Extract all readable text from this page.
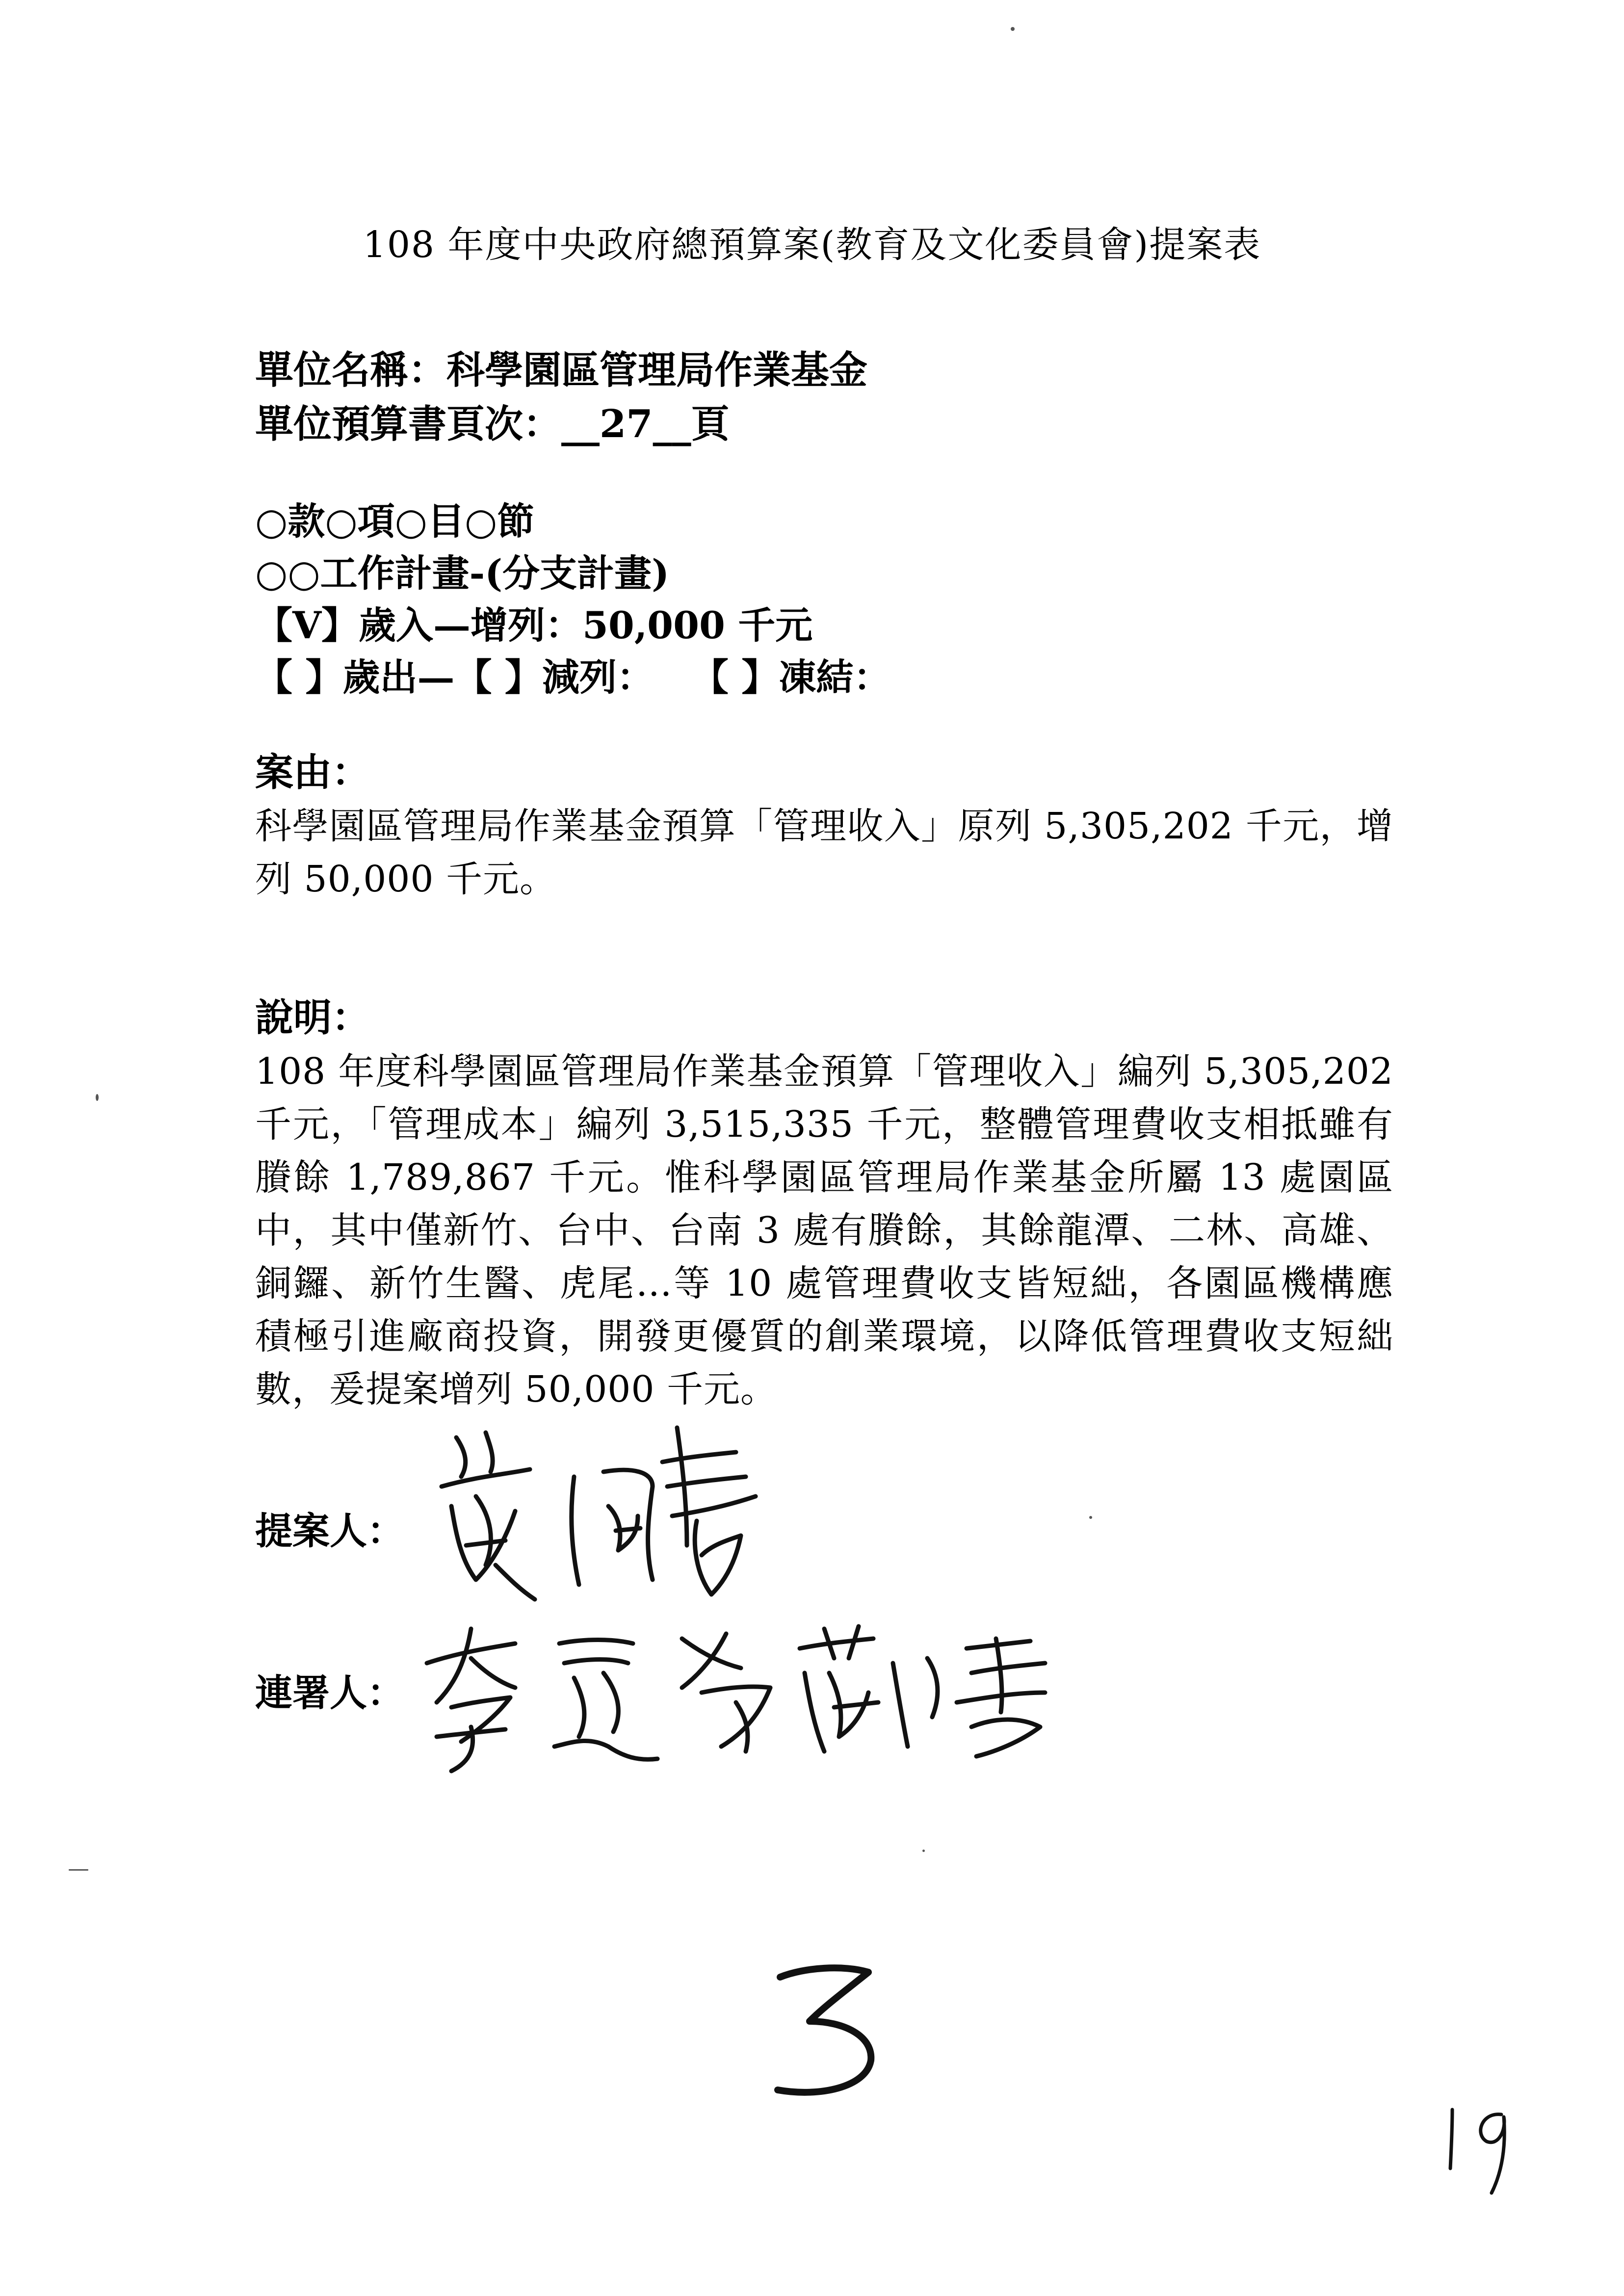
108 年度中央政府總預算案(教育及文化委員會)提案表
單位名稱：科學園區管理局作業基金
單位預算書頁次：__27__頁
○款○項○目○節
○○工作計畫-(分支計畫)
【V】歲入—增列：50,000 千元
【 】歲出—【 】減列：　　【 】凍結：
案由：
科學園區管理局作業基金預算「管理收入」原列 5,305,202 千元，增列 50,000 千元。
說明：
108 年度科學園區管理局作業基金預算「管理收入」編列 5,305,202 千元，「管理成本」編列 3,515,335 千元，整體管理費收支相抵雖有賸餘 1,789,867 千元。惟科學園區管理局作業基金所屬 13 處園區中，其中僅新竹、台中、台南 3 處有賸餘，其餘龍潭、二林、高雄、銅鑼、新竹生醫、虎尾…等 10 處管理費收支皆短絀，各園區機構應積極引進廠商投資，開發更優質的創業環境，以降低管理費收支短絀數，爰提案增列 50,000 千元。
提案人：
連署人：
